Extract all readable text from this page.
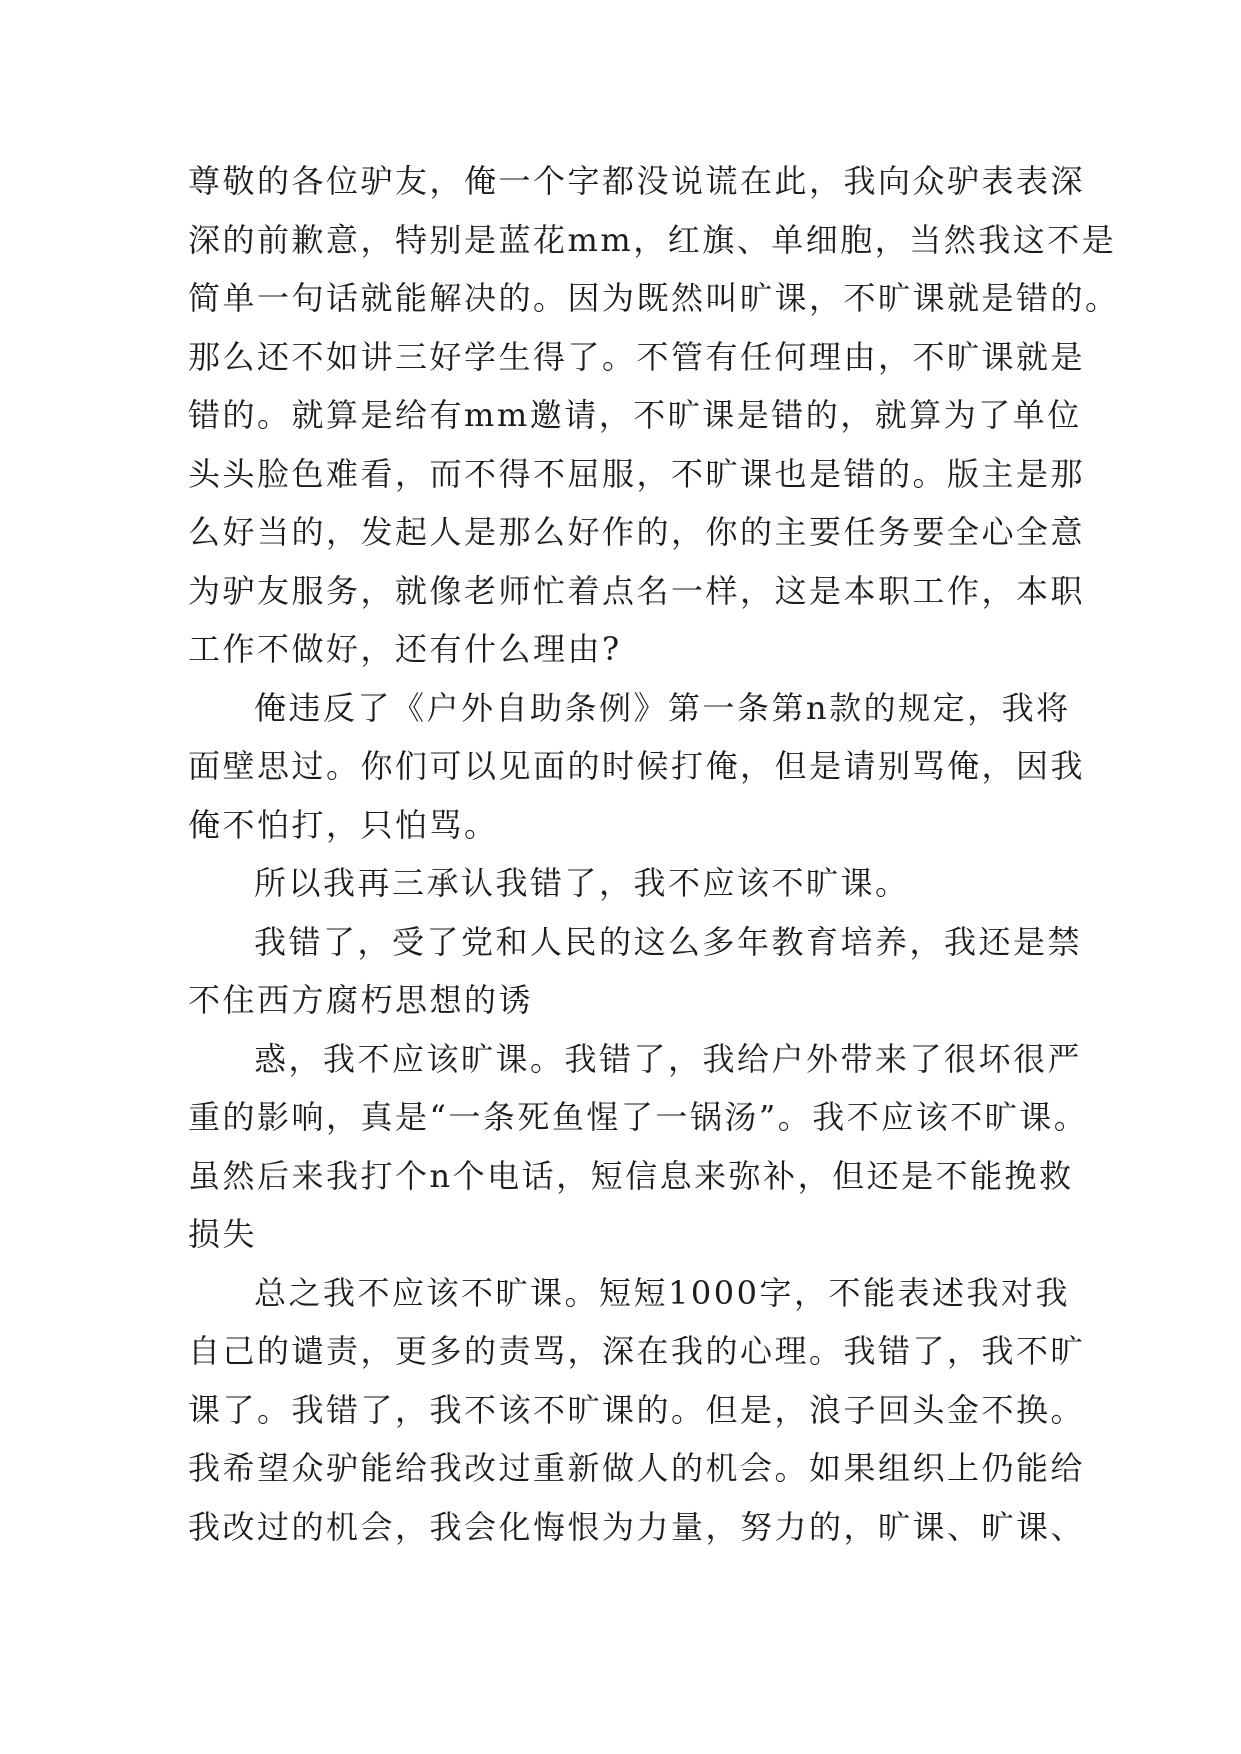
尊敬的各位驴友，俺一个字都没说谎在此，我向众驴表表深
深的前歉意，特别是蓝花mm，红旗、单细胞，当然我这不是
简单一句话就能解决的。因为既然叫旷课，不旷课就是错的。
那么还不如讲三好学生得了。不管有任何理由，不旷课就是
错的。就算是给有mm邀请，不旷课是错的，就算为了单位
头头脸色难看，而不得不屈服，不旷课也是错的。版主是那
么好当的，发起人是那么好作的，你的主要任务要全心全意
为驴友服务，就像老师忙着点名一样，这是本职工作，本职
工作不做好，还有什么理由?
俺违反了《户外自助条例》第一条第n款的规定，我将
面壁思过。你们可以见面的时候打俺，但是请别骂俺，因我
俺不怕打，只怕骂。
所以我再三承认我错了，我不应该不旷课。
我错了，受了党和人民的这么多年教育培养，我还是禁
不住西方腐朽思想的诱
惑，我不应该旷课。我错了，我给户外带来了很坏很严
重的影响，真是“一条死鱼惺了一锅汤”。我不应该不旷课。
虽然后来我打个n个电话，短信息来弥补，但还是不能挽救
损失
总之我不应该不旷课。短短1000字，不能表述我对我
自己的谴责，更多的责骂，深在我的心理。我错了，我不旷
课了。我错了，我不该不旷课的。但是，浪子回头金不换。
我希望众驴能给我改过重新做人的机会。如果组织上仍能给
我改过的机会，我会化悔恨为力量，努力的，旷课、旷课、
